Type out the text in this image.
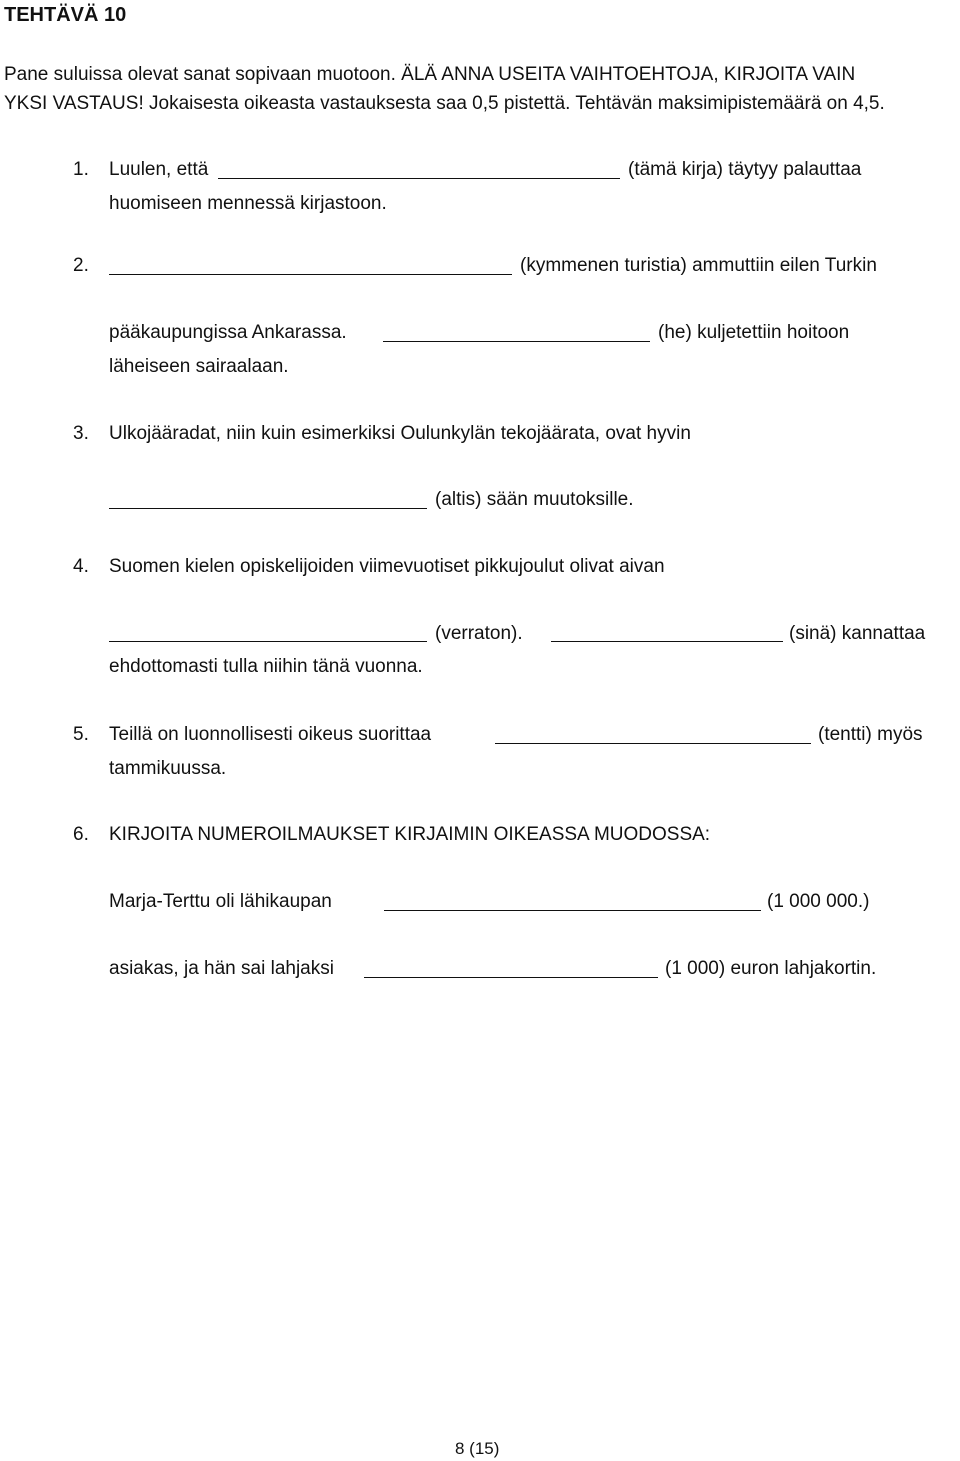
TEHTÄVÄ 10
Pane suluissa olevat sanat sopivaan muotoon. ÄLÄ ANNA USEITA VAIHTOEHTOJA, KIRJOITA VAIN
YKSI VASTAUS! Jokaisesta oikeasta vastauksesta saa 0,5 pistettä. Tehtävän maksimipistemäärä on 4,5.
1. Luulen, että	(tämä kirja) täytyy palauttaa
huomiseen mennessä kirjastoon.
2.	(kymmenen turistia) ammuttiin eilen Turkin
pääkaupungissa Ankarassa.	(he) kuljetettiin hoitoon
läheiseen sairaalaan.
3. Ulkojääradat, niin kuin esimerkiksi Oulunkylän tekojäärata, ovat hyvin
(altis) sään muutoksille.
4. Suomen kielen opiskelijoiden viimevuotiset pikkujoulut olivat aivan
(verraton).	(sinä) kannattaa
ehdottomasti tulla niihin tänä vuonna.
5. Teillä on luonnollisesti oikeus suorittaa	(tentti) myös
tammikuussa.
6. KIRJOITA NUMEROILMAUKSET KIRJAIMIN OIKEASSA MUODOSSA:
Marja-Terttu oli lähikaupan	(1 000 000.)
asiakas, ja hän sai lahjaksi	(1 000) euron lahjakortin.
8 (15)
